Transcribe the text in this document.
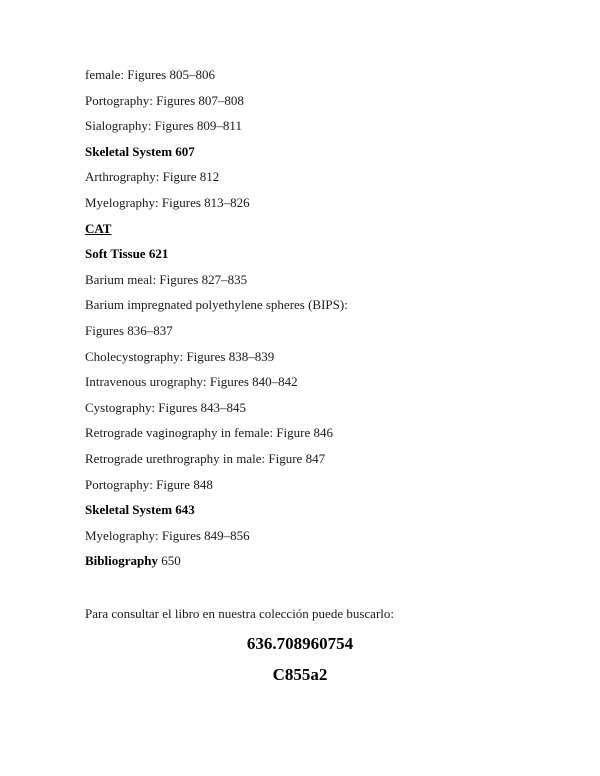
female: Figures 805–806
Portography: Figures 807–808
Sialography: Figures 809–811
Skeletal System 607
Arthrography: Figure 812
Myelography: Figures 813–826
CAT
Soft Tissue 621
Barium meal: Figures 827–835
Barium impregnated polyethylene spheres (BIPS):
Figures 836–837
Cholecystography: Figures 838–839
Intravenous urography: Figures 840–842
Cystography: Figures 843–845
Retrograde vaginography in female: Figure 846
Retrograde urethrography in male: Figure 847
Portography: Figure 848
Skeletal System 643
Myelography: Figures 849–856
Bibliography 650
Para consultar el libro en nuestra colección puede buscarlo:
636.708960754
C855a2
